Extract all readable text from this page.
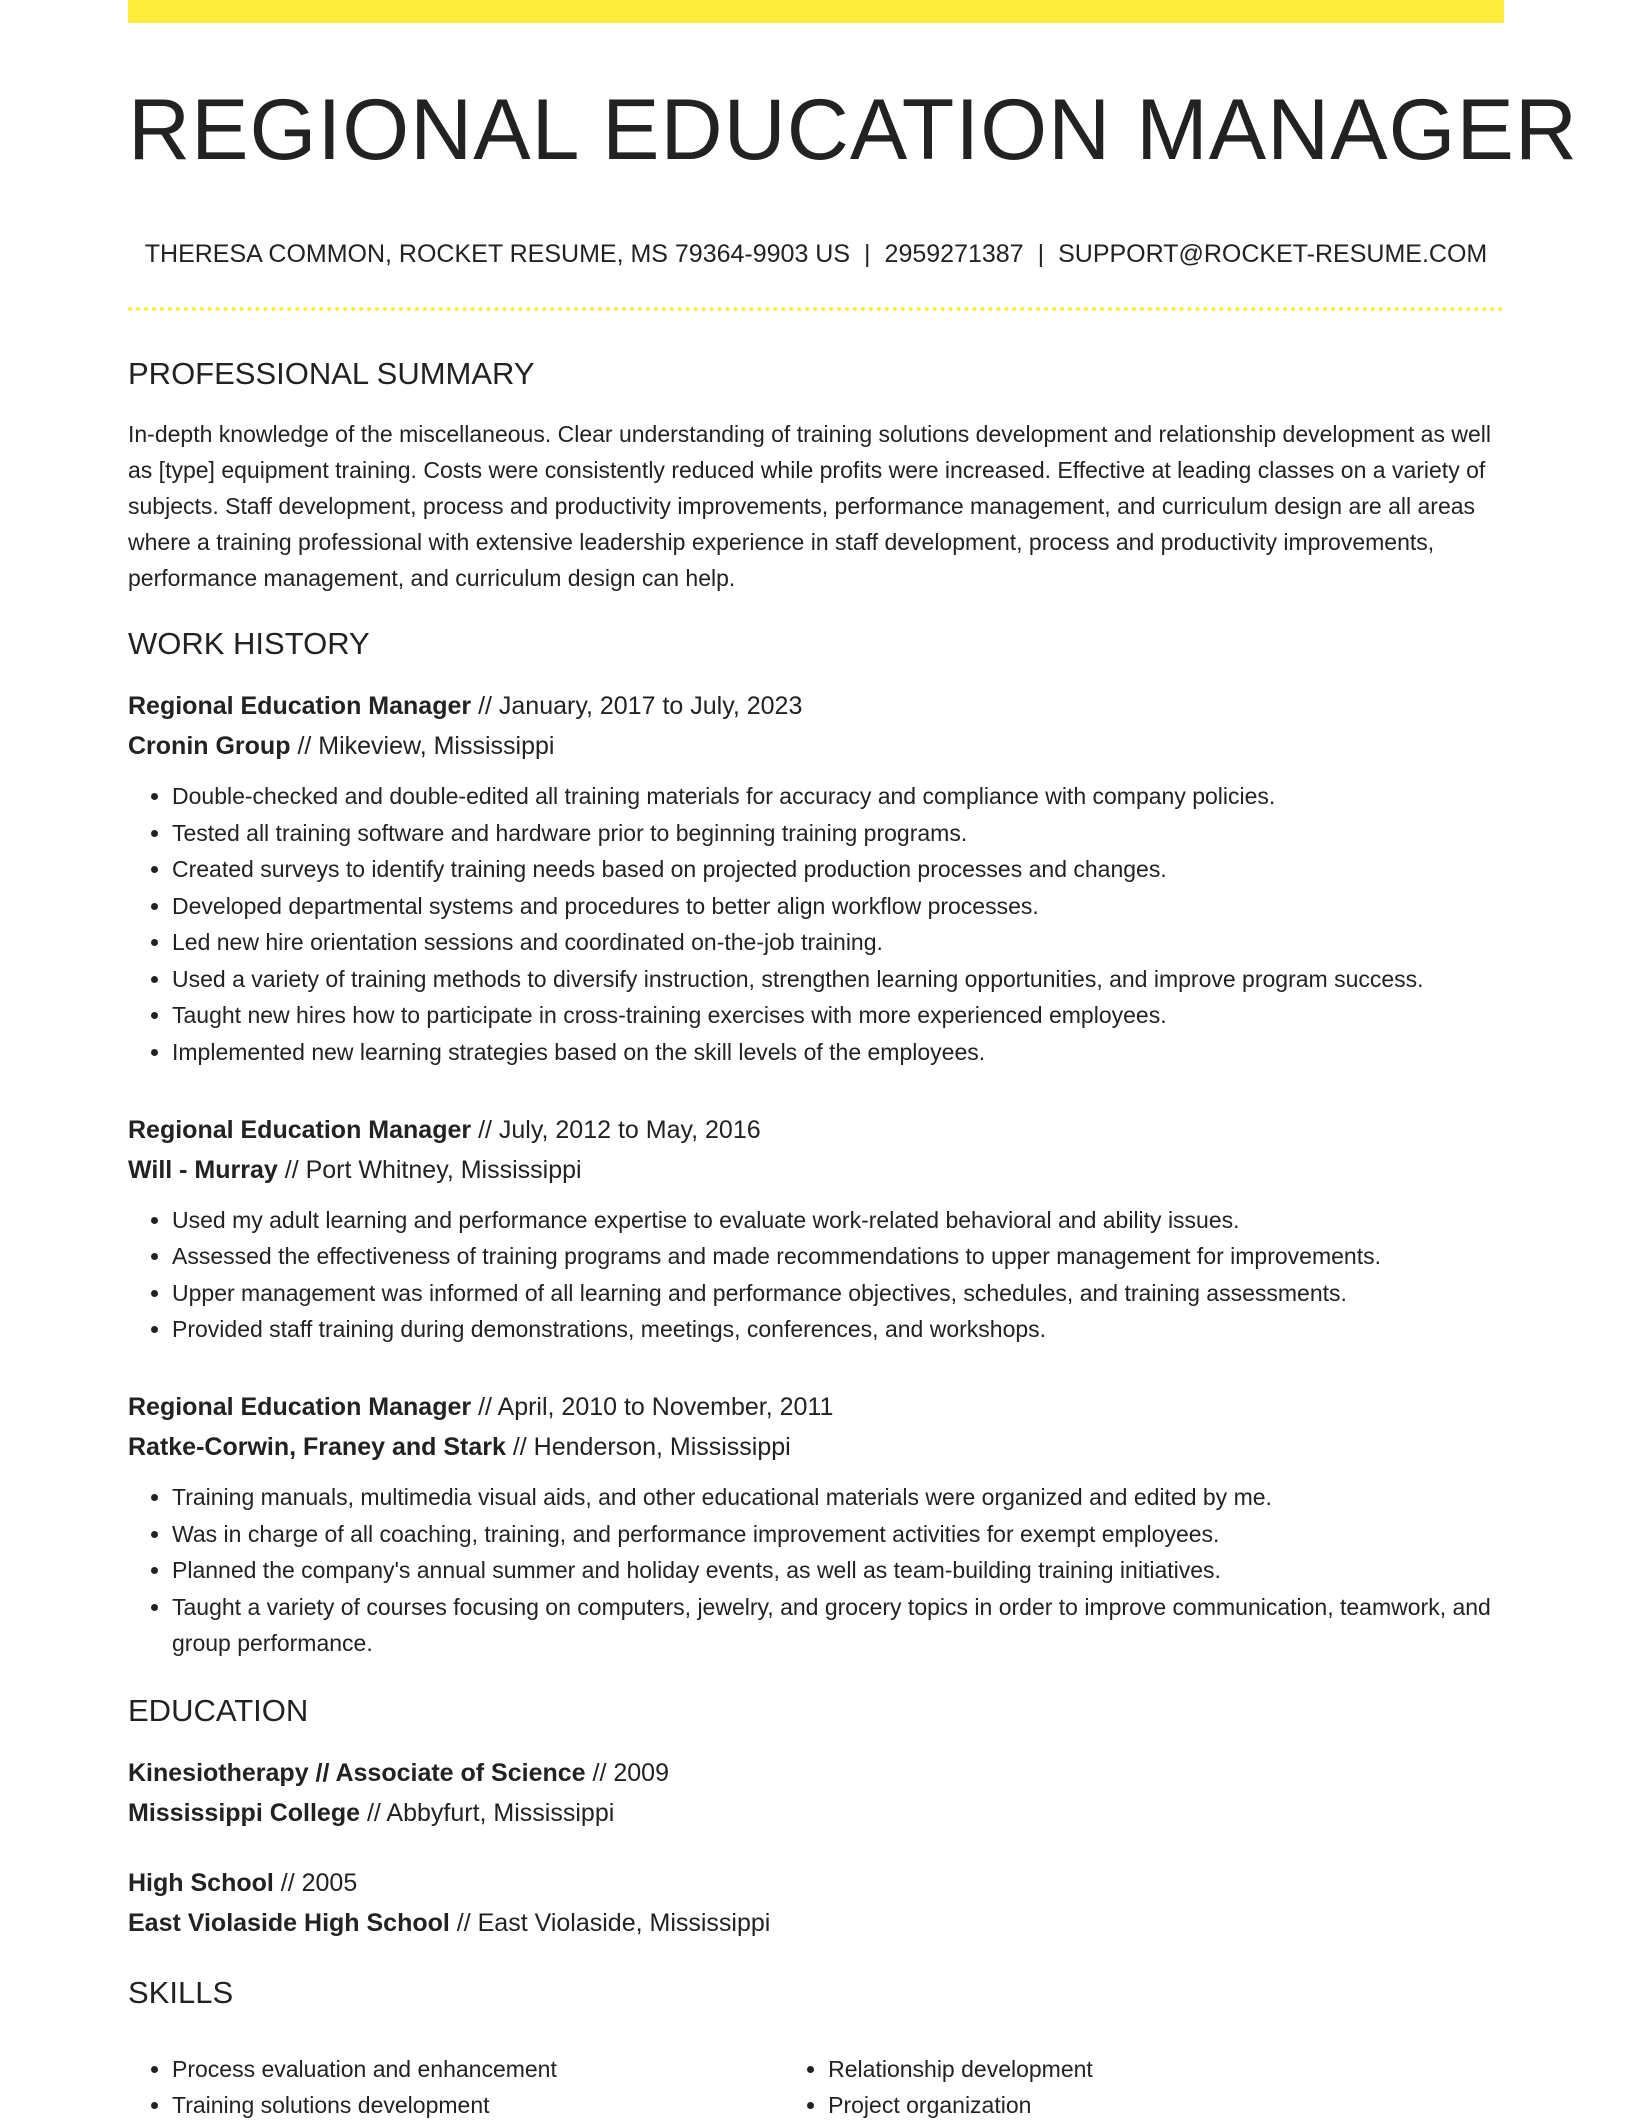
REGIONAL EDUCATION MANAGER

THERESA COMMON, ROCKET RESUME, MS 79364-9903 US | 2959271387 | SUPPORT@ROCKET-RESUME.COM

PROFESSIONAL SUMMARY

In-depth knowledge of the miscellaneous. Clear understanding of training solutions development and relationship development as well as [type] equipment training. Costs were consistently reduced while profits were increased. Effective at leading classes on a variety of subjects. Staff development, process and productivity improvements, performance management, and curriculum design are all areas where a training professional with extensive leadership experience in staff development, process and productivity improvements, performance management, and curriculum design can help.

WORK HISTORY
Regional Education Manager // January, 2017 to July, 2023
Cronin Group // Mikeview, Mississippi
• Double-checked and double-edited all training materials for accuracy and compliance with company policies.
• Tested all training software and hardware prior to beginning training programs.
• Created surveys to identify training needs based on projected production processes and changes.
• Developed departmental systems and procedures to better align workflow processes.
• Led new hire orientation sessions and coordinated on-the-job training.
• Used a variety of training methods to diversify instruction, strengthen learning opportunities, and improve program success.
• Taught new hires how to participate in cross-training exercises with more experienced employees.
• Implemented new learning strategies based on the skill levels of the employees.
Regional Education Manager // July, 2012 to May, 2016
Will - Murray // Port Whitney, Mississippi
• Used my adult learning and performance expertise to evaluate work-related behavioral and ability issues.
• Assessed the effectiveness of training programs and made recommendations to upper management for improvements.
• Upper management was informed of all learning and performance objectives, schedules, and training assessments.
• Provided staff training during demonstrations, meetings, conferences, and workshops.
Regional Education Manager // April, 2010 to November, 2011
Ratke-Corwin, Franey and Stark // Henderson, Mississippi
• Training manuals, multimedia visual aids, and other educational materials were organized and edited by me.
• Was in charge of all coaching, training, and performance improvement activities for exempt employees.
• Planned the company's annual summer and holiday events, as well as team-building training initiatives.
• Taught a variety of courses focusing on computers, jewelry, and grocery topics in order to improve communication, teamwork, and group performance.
EDUCATION
Kinesiotherapy // Associate of Science // 2009
Mississippi College // Abbyfurt, Mississippi
High School // 2005
East Violaside High School // East Violaside, Mississippi
SKILLS
• Process evaluation and enhancement
• Training solutions development
• Relationship development
• Project organization
